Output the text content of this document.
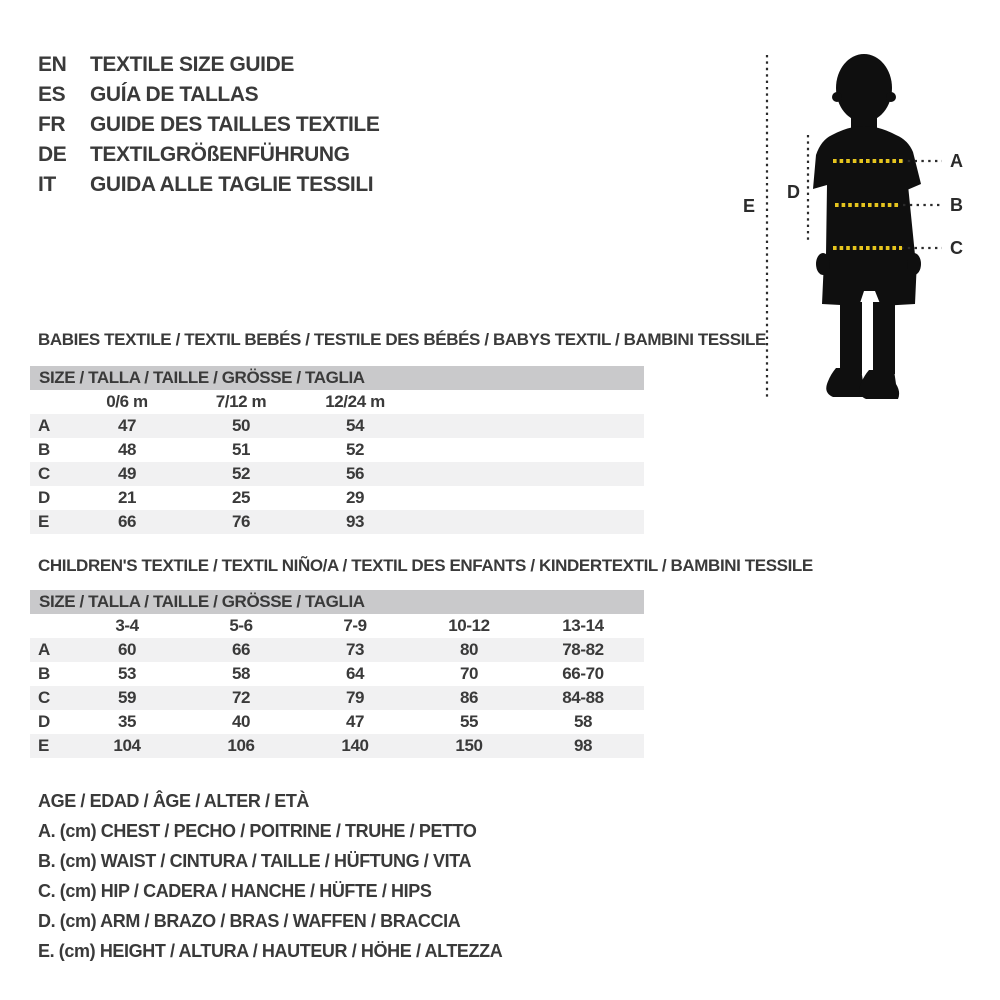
EN	TEXTILE SIZE GUIDE
ES	GUÍA DE TALLAS
FR	GUIDE DES TAILLES TEXTILE
DE	TEXTILGRÖßENFÜHRUNG
IT	GUIDA ALLE TAGLIE TESSILI
A
B
C
D
E
BABIES TEXTILE / TEXTIL BEBÉS / TESTILE DES BÉBÉS / BABYS TEXTIL / BAMBINI TESSILE
SIZE / TALLA / TAILLE / GRÖSSE / TAGLIA
	0/6 m	7/12 m	12/24 m	
A	47	50	54	
B	48	51	52	
C	49	52	56	
D	21	25	29	
E	66	76	93	
CHILDREN'S TEXTILE / TEXTIL NIÑO/A / TEXTIL DES ENFANTS / KINDERTEXTIL / BAMBINI TESSILE
SIZE / TALLA / TAILLE / GRÖSSE / TAGLIA
	3-4	5-6	7-9	10-12	13-14	
A	60	66	73	80	78-82	
B	53	58	64	70	66-70	
C	59	72	79	86	84-88	
D	35	40	47	55	58	
E	104	106	140	150	98	
AGE / EDAD / ÂGE / ALTER / ETÀ
A. (cm) CHEST / PECHO / POITRINE / TRUHE / PETTO
B. (cm) WAIST / CINTURA / TAILLE / HÜFTUNG / VITA
C. (cm) HIP / CADERA / HANCHE / HÜFTE / HIPS
D. (cm) ARM / BRAZO / BRAS / WAFFEN / BRACCIA
E. (cm) HEIGHT / ALTURA / HAUTEUR / HÖHE / ALTEZZA
